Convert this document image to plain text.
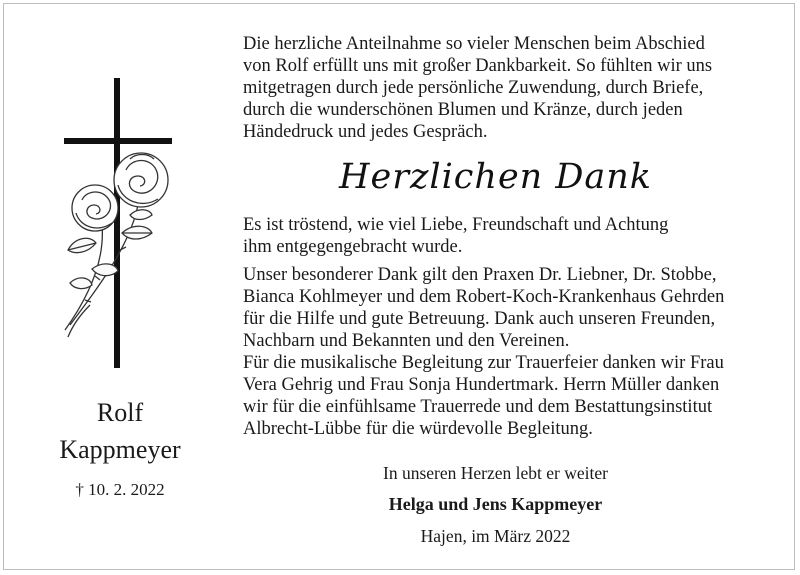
Rolf
Kappmeyer
† 10. 2. 2022

Die herzliche Anteilnahme so vieler Menschen beim Abschied
von Rolf erfüllt uns mit großer Dankbarkeit. So fühlten wir uns
mitgetragen durch jede persönliche Zuwendung, durch Briefe,
durch die wunderschönen Blumen und Kränze, durch jeden
Händedruck und jedes Gespräch.

Herzlichen Dank

Es ist tröstend, wie viel Liebe, Freundschaft und Achtung
ihm entgegengebracht wurde.

Unser besonderer Dank gilt den Praxen Dr. Liebner, Dr. Stobbe,
Bianca Kohlmeyer und dem Robert-Koch-Krankenhaus Gehrden
für die Hilfe und gute Betreuung. Dank auch unseren Freunden,
Nachbarn und Bekannten und den Vereinen.
Für die musikalische Begleitung zur Trauerfeier danken wir Frau
Vera Gehrig und Frau Sonja Hundertmark. Herrn Müller danken
wir für die einfühlsame Trauerrede und dem Bestattungsinstitut
Albrecht-Lübbe für die würdevolle Begleitung.

In unseren Herzen lebt er weiter
Helga und Jens Kappmeyer
Hajen, im März 2022
